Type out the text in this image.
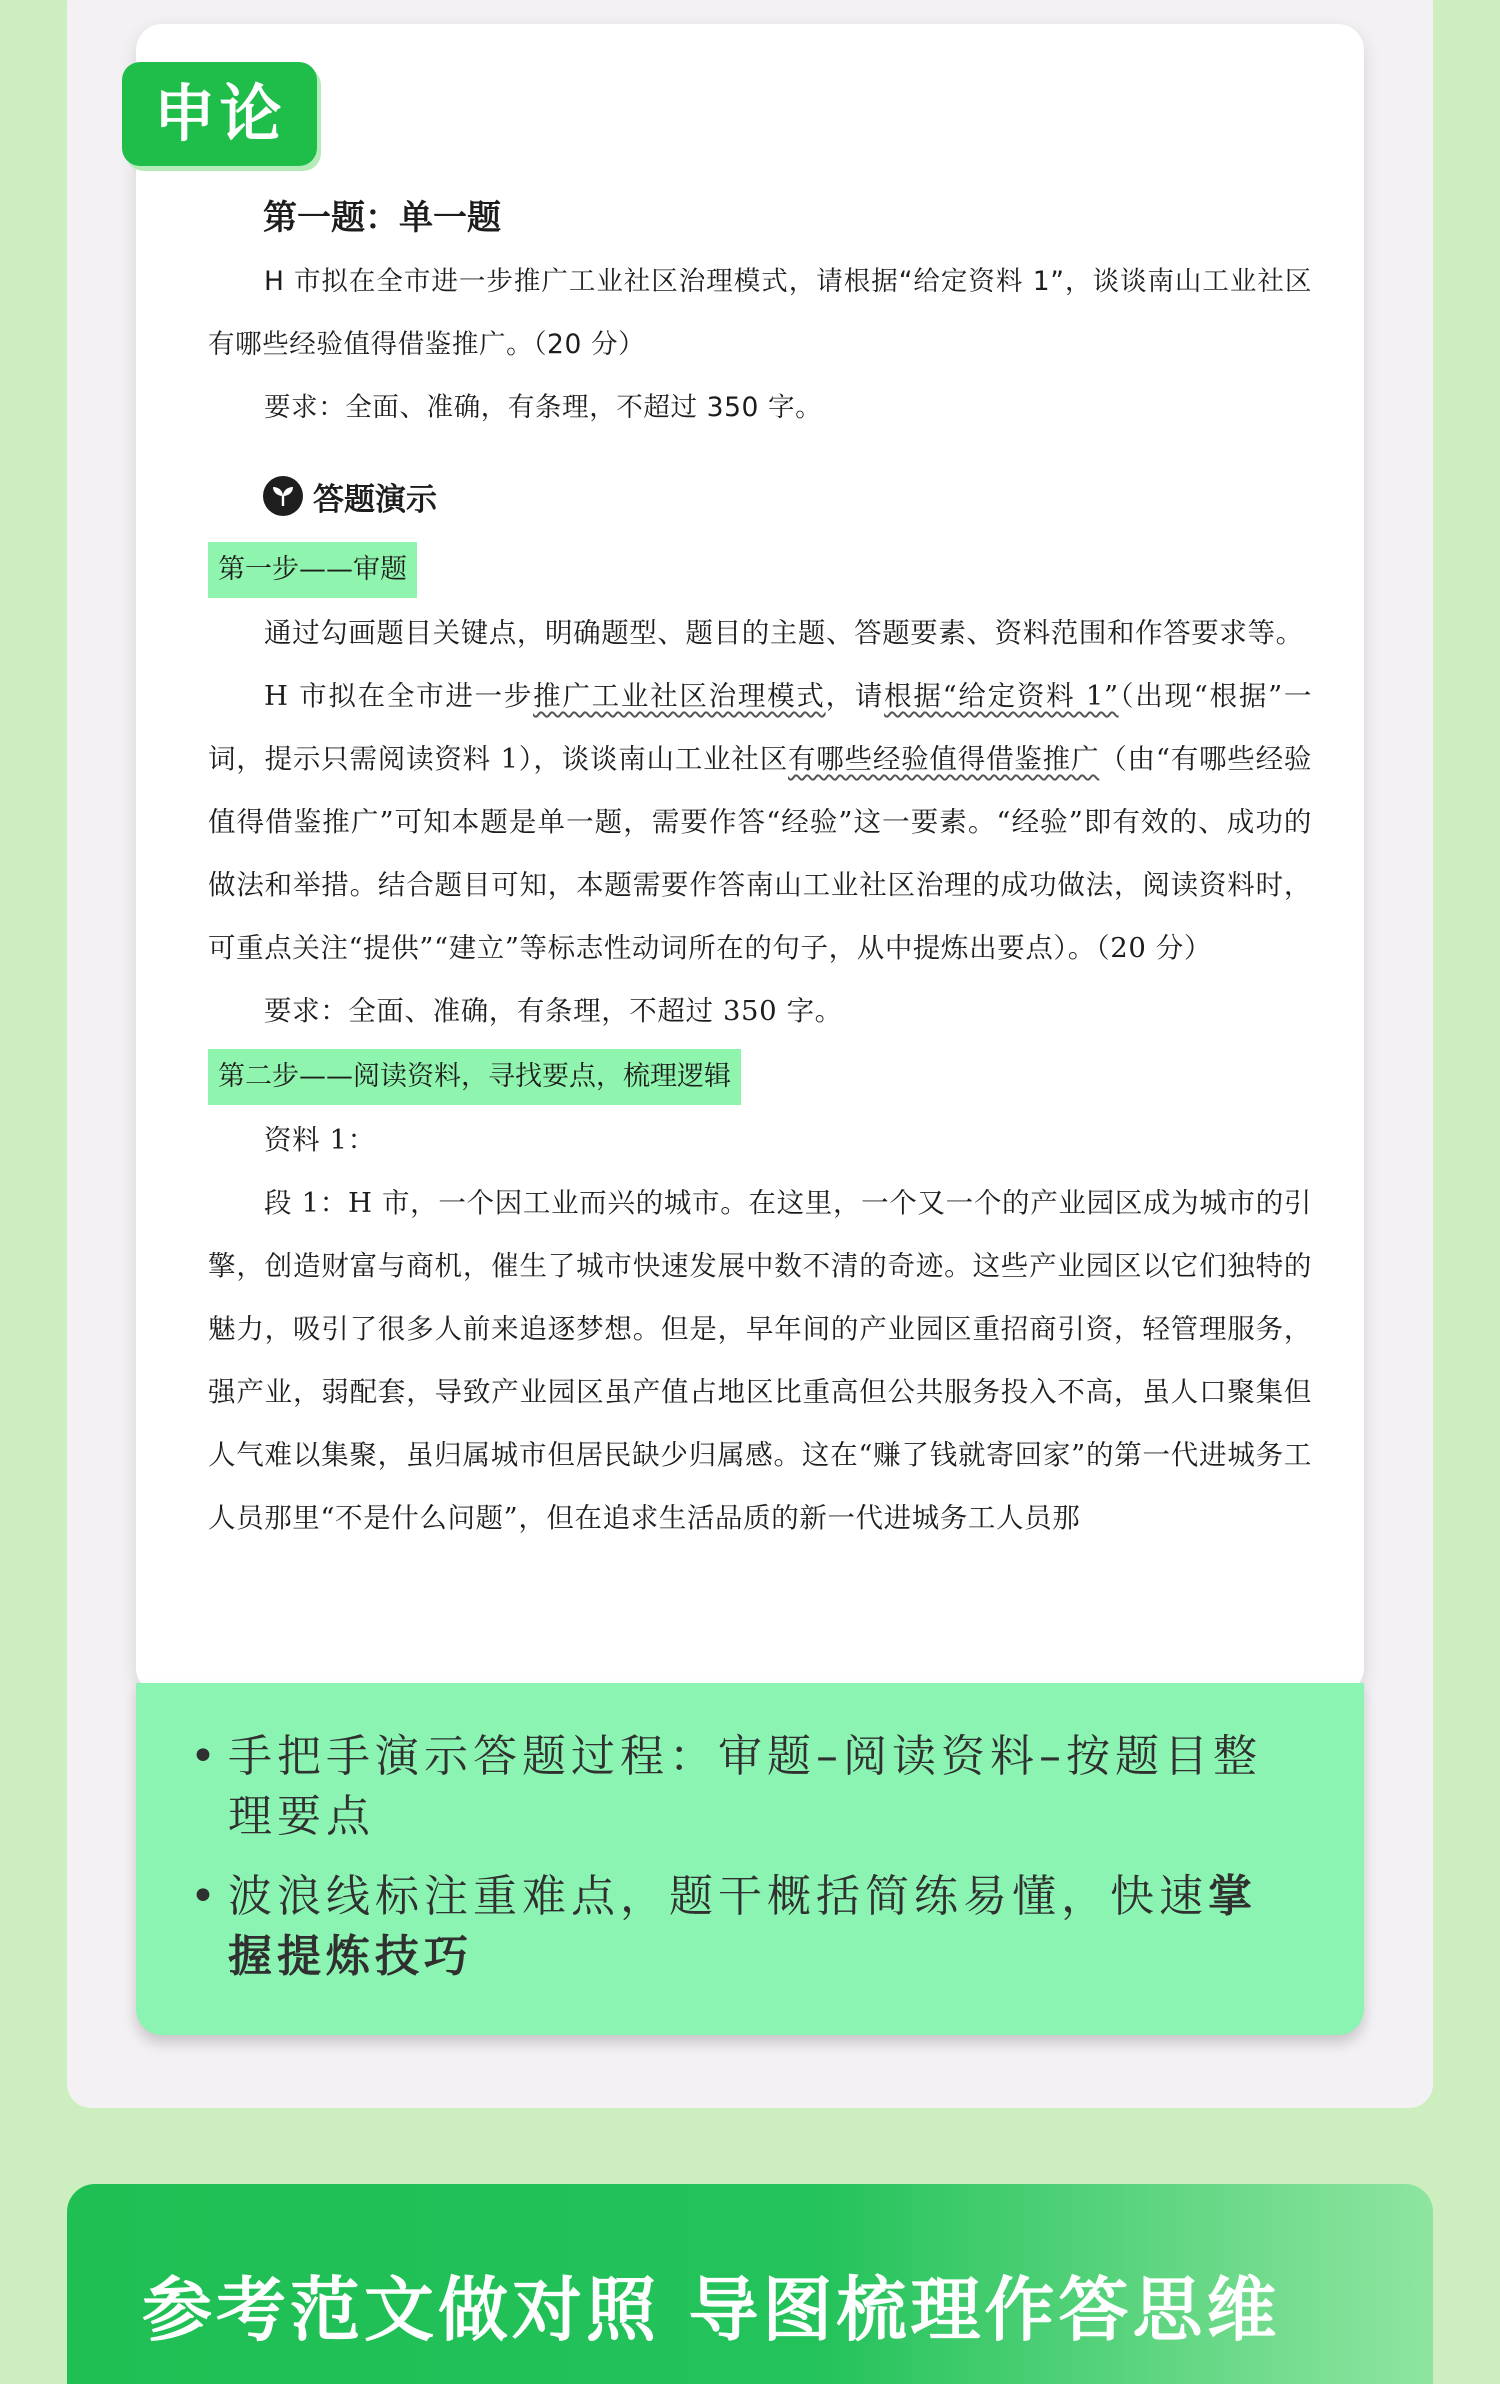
第一题：单一题

H 市拟在全市进一步推广工业社区治理模式，请根据“给定资料 1”，谈谈南山工业社区有哪些经验值得借鉴推广。（20 分）

要求：全面、准确，有条理，不超过 350 字。

答题演示
第一步——审题

通过勾画题目关键点，明确题型、题目的主题、答题要素、资料范围和作答要求等。

H 市拟在全市进一步推广工业社区治理模式，请根据“给定资料 1”（出现“根据”一词，提示只需阅读资料 1），谈谈南山工业社区有哪些经验值得借鉴推广（由“有哪些经验值得借鉴推广”可知本题是单一题，需要作答“经验”这一要素。“经验”即有效的、成功的做法和举措。结合题目可知，本题需要作答南山工业社区治理的成功做法，阅读资料时，可重点关注“提供”“建立”等标志性动词所在的句子，从中提炼出要点）。（20 分）

要求：全面、准确，有条理，不超过 350 字。

第二步——阅读资料，寻找要点，梳理逻辑

资料 1：

段 1：H 市，一个因工业而兴的城市。在这里，一个又一个的产业园区成为城市的引擎，创造财富与商机，催生了城市快速发展中数不清的奇迹。这些产业园区以它们独特的魅力，吸引了很多人前来追逐梦想。但是，早年间的产业园区重招商引资，轻管理服务，强产业，弱配套，导致产业园区虽产值占地区比重高但公共服务投入不高，虽人口聚集但人气难以集聚，虽归属城市但居民缺少归属感。这在“赚了钱就寄回家”的第一代进城务工人员那里“不是什么问题”，但在追求生活品质的新一代进城务工人员那

申论
• 手把手演示答题过程：审题–阅读资料–按题目整理要点
• 波浪线标注重难点，题干概括简练易懂，快速掌握提炼技巧
参考范文做对照 导图梳理作答思维
